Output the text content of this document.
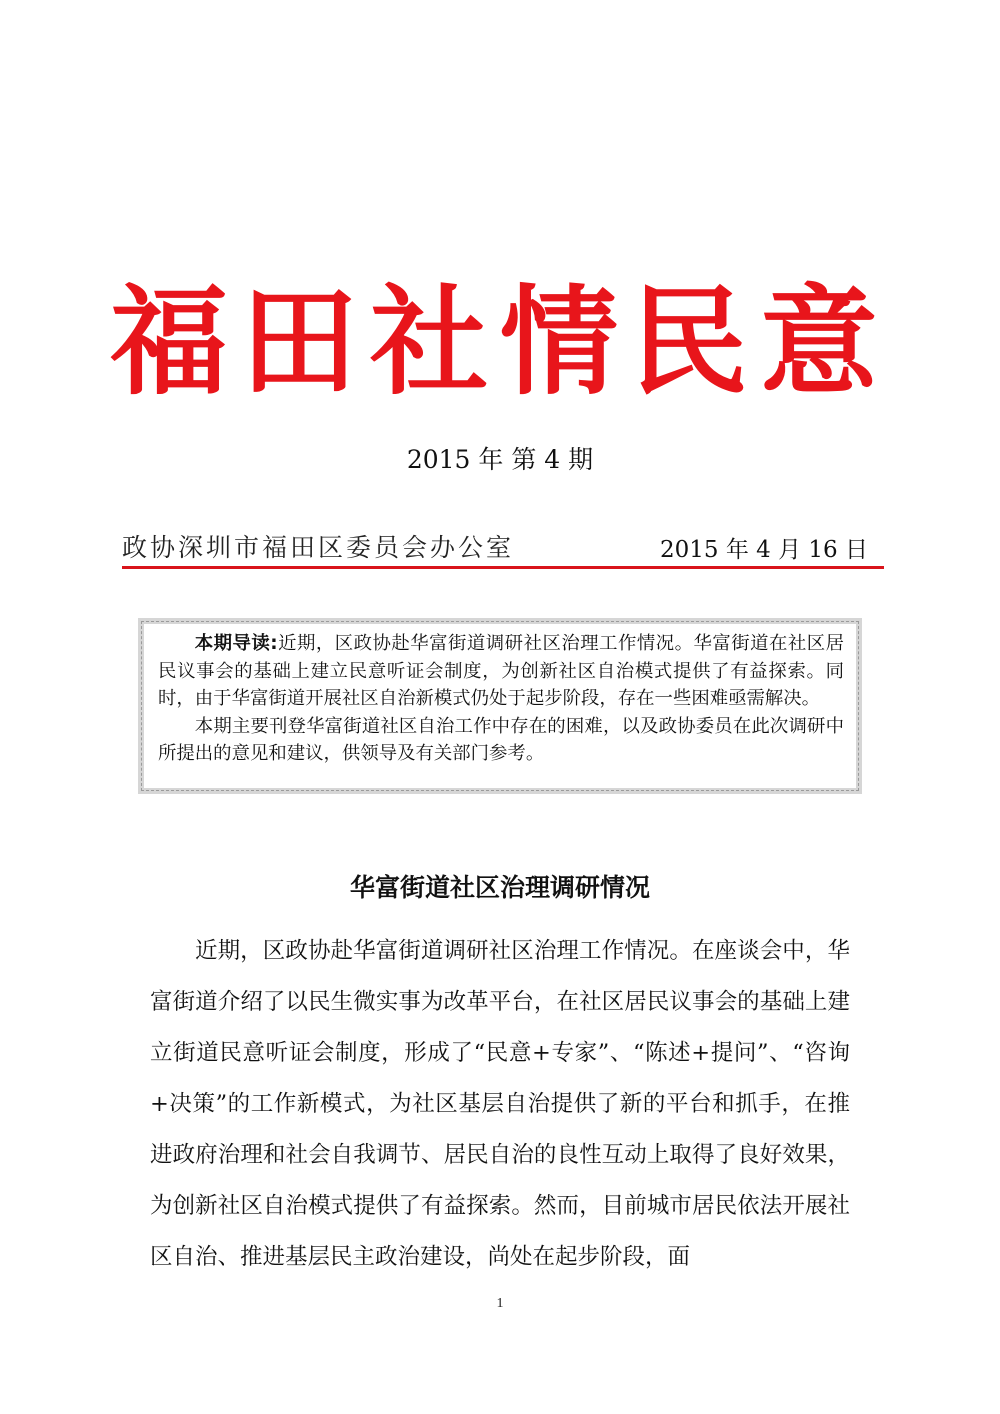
福田社情民意
2015 年 第 4 期
政协深圳市福田区委员会办公室	2015 年 4 月 16 日

本期导读:近期，区政协赴华富街道调研社区治理工作情况。华富街道在社区居民议事会的基础上建立民意听证会制度，为创新社区自治模式提供了有益探索。同时，由于华富街道开展社区自治新模式仍处于起步阶段，存在一些困难亟需解决。

本期主要刊登华富街道社区自治工作中存在的困难，以及政协委员在此次调研中所提出的意见和建议，供领导及有关部门参考。

华富街道社区治理调研情况

近期，区政协赴华富街道调研社区治理工作情况。在座谈会中，华富街道介绍了以民生微实事为改革平台，在社区居民议事会的基础上建立街道民意听证会制度，形成了“民意+专家”、“陈述+提问”、“咨询+决策”的工作新模式，为社区基层自治提供了新的平台和抓手，在推进政府治理和社会自我调节、居民自治的良性互动上取得了良好效果，为创新社区自治模式提供了有益探索。然而，目前城市居民依法开展社区自治、推进基层民主政治建设，尚处在起步阶段，面

1
